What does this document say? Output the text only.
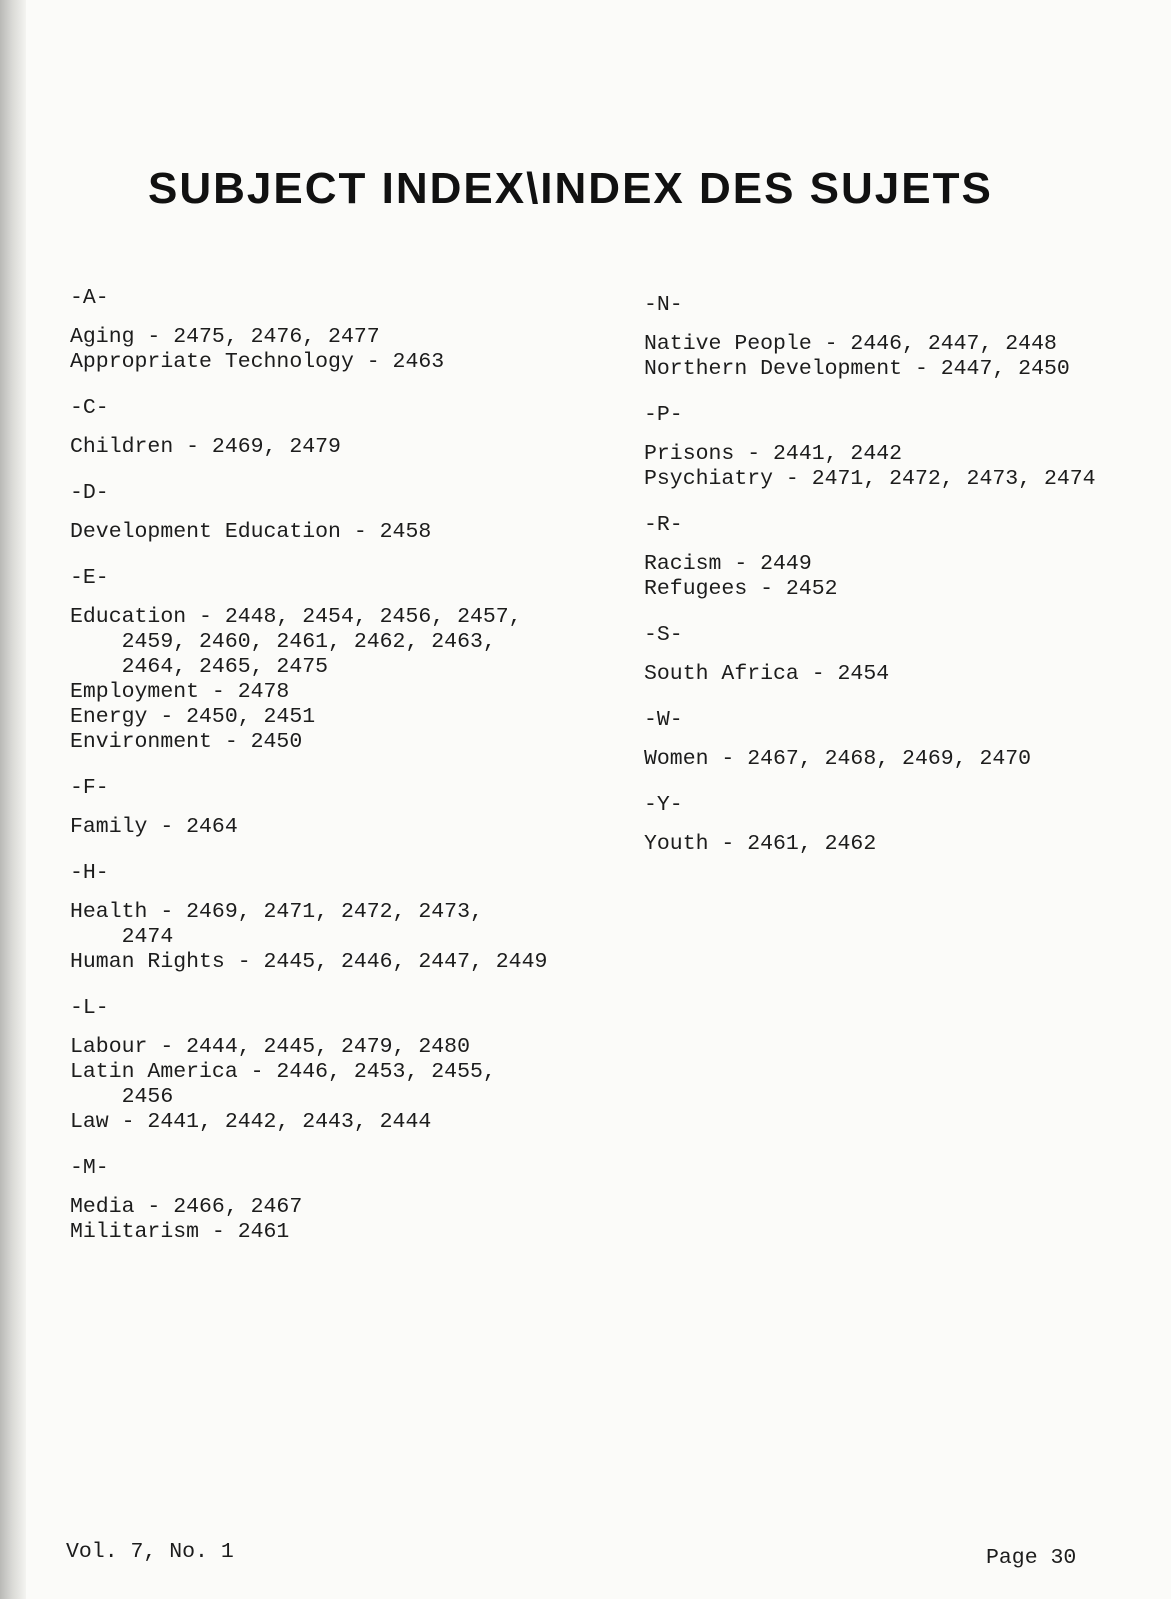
SUBJECT INDEX\INDEX DES SUJETS
-A-
Aging - 2475, 2476, 2477
Appropriate Technology - 2463
-C-
Children - 2469, 2479
-D-
Development Education - 2458
-E-
Education - 2448, 2454, 2456, 2457,
2459, 2460, 2461, 2462, 2463,
2464, 2465, 2475
Employment - 2478
Energy - 2450, 2451
Environment - 2450
-F-
Family - 2464
-H-
Health - 2469, 2471, 2472, 2473,
2474
Human Rights - 2445, 2446, 2447, 2449
-L-
Labour - 2444, 2445, 2479, 2480
Latin America - 2446, 2453, 2455,
2456
Law - 2441, 2442, 2443, 2444
-M-
Media - 2466, 2467
Militarism - 2461
-N-
Native People - 2446, 2447, 2448
Northern Development - 2447, 2450
-P-
Prisons - 2441, 2442
Psychiatry - 2471, 2472, 2473, 2474
-R-
Racism - 2449
Refugees - 2452
-S-
South Africa - 2454
-W-
Women - 2467, 2468, 2469, 2470
-Y-
Youth - 2461, 2462
Vol. 7, No. 1	Page 30
